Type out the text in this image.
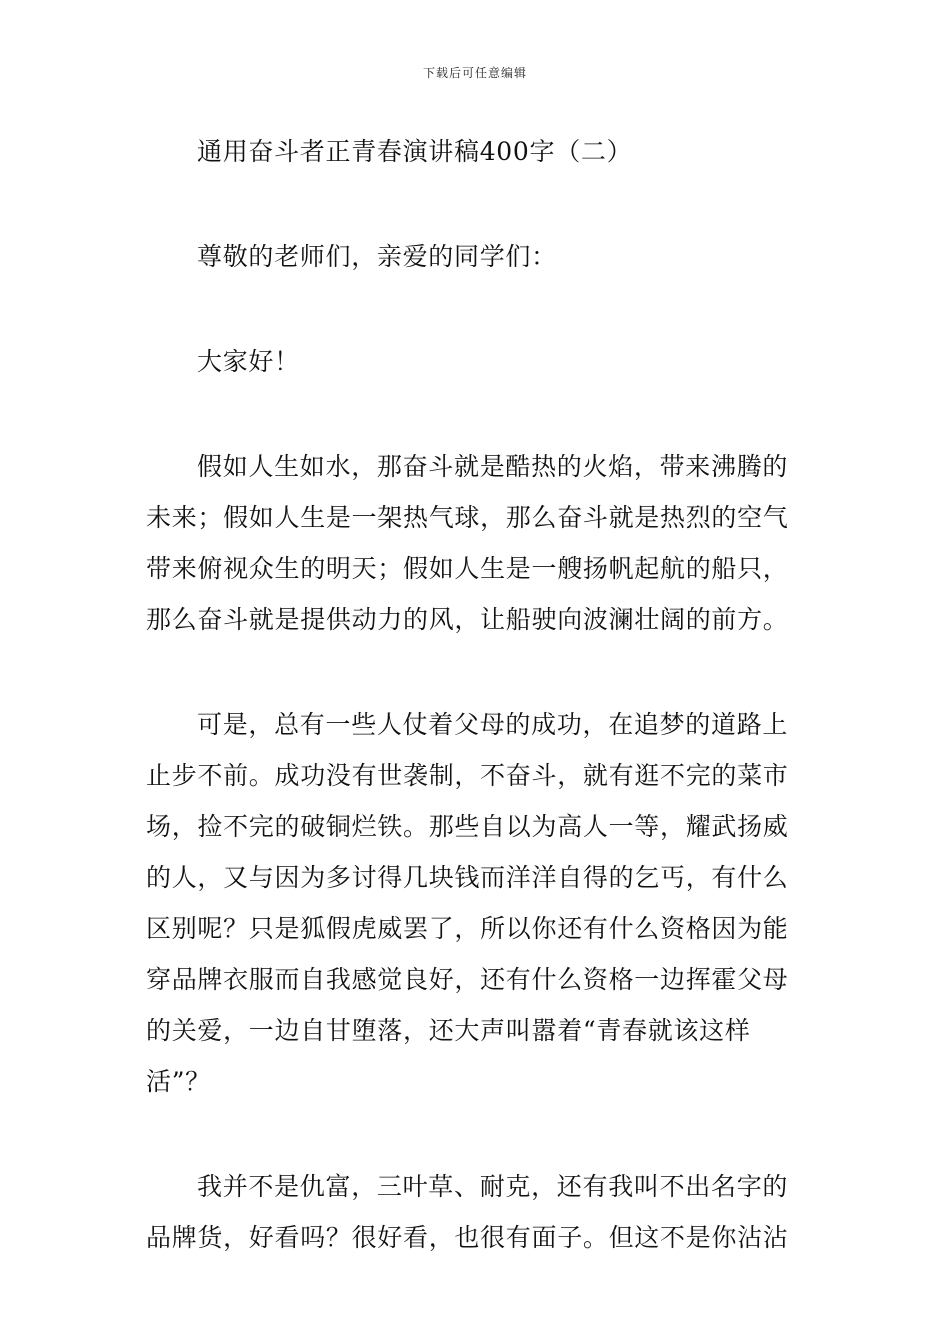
下载后可任意编辑
通用奋斗者正青春演讲稿400字（二）
尊敬的老师们，亲爱的同学们：
大家好！
假如人生如水，那奋斗就是酷热的火焰，带来沸腾的
未来；假如人生是一架热气球，那么奋斗就是热烈的空气
带来俯视众生的明天；假如人生是一艘扬帆起航的船只，
那么奋斗就是提供动力的风，让船驶向波澜壮阔的前方。
可是，总有一些人仗着父母的成功，在追梦的道路上
止步不前。成功没有世袭制，不奋斗，就有逛不完的菜市
场，捡不完的破铜烂铁。那些自以为高人一等，耀武扬威
的人，又与因为多讨得几块钱而洋洋自得的乞丐，有什么
区别呢？只是狐假虎威罢了，所以你还有什么资格因为能
穿品牌衣服而自我感觉良好，还有什么资格一边挥霍父母
的关爱，一边自甘堕落，还大声叫嚣着“青春就该这样
活”？
我并不是仇富，三叶草、耐克，还有我叫不出名字的
品牌货，好看吗？很好看，也很有面子。但这不是你沾沾
